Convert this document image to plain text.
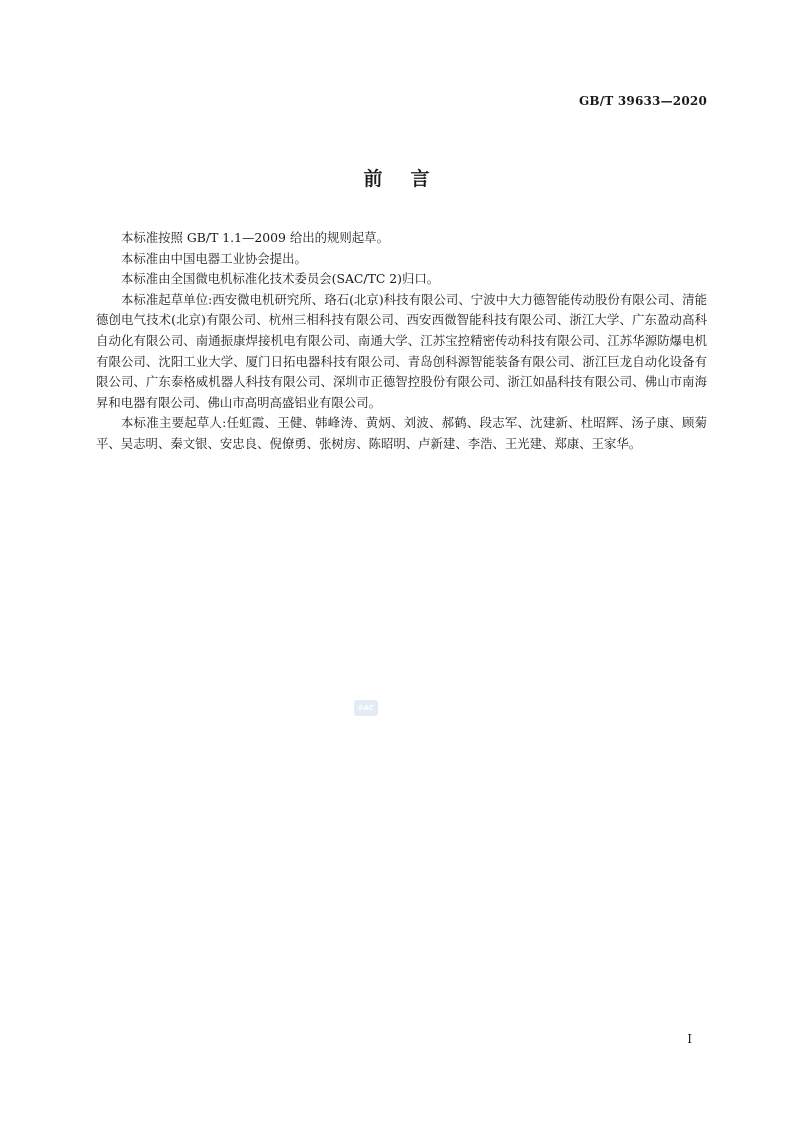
GB/T 39633—2020
前言

本标准按照 GB/T 1.1—2009 给出的规则起草。

本标准由中国电器工业协会提出。

本标准由全国微电机标准化技术委员会(SAC/TC 2)归口。

本标准起草单位:西安微电机研究所、珞石(北京)科技有限公司、宁波中大力德智能传动股份有限公司、清能德创电气技术(北京)有限公司、杭州三相科技有限公司、西安西微智能科技有限公司、浙江大学、广东盈动高科自动化有限公司、南通振康焊接机电有限公司、南通大学、江苏宝控精密传动科技有限公司、江苏华源防爆电机有限公司、沈阳工业大学、厦门日拓电器科技有限公司、青岛创科源智能装备有限公司、浙江巨龙自动化设备有限公司、广东泰格威机器人科技有限公司、深圳市正德智控股份有限公司、浙江如晶科技有限公司、佛山市南海昇和电器有限公司、佛山市高明高盛铝业有限公司。

本标准主要起草人:任虹霞、王健、韩峰涛、黄炳、刘波、郝鹤、段志军、沈建新、杜昭辉、汤子康、顾菊平、吴志明、秦文银、安忠良、倪僚勇、张树房、陈昭明、卢新建、李浩、王光建、郑康、王家华。

SAC
I
